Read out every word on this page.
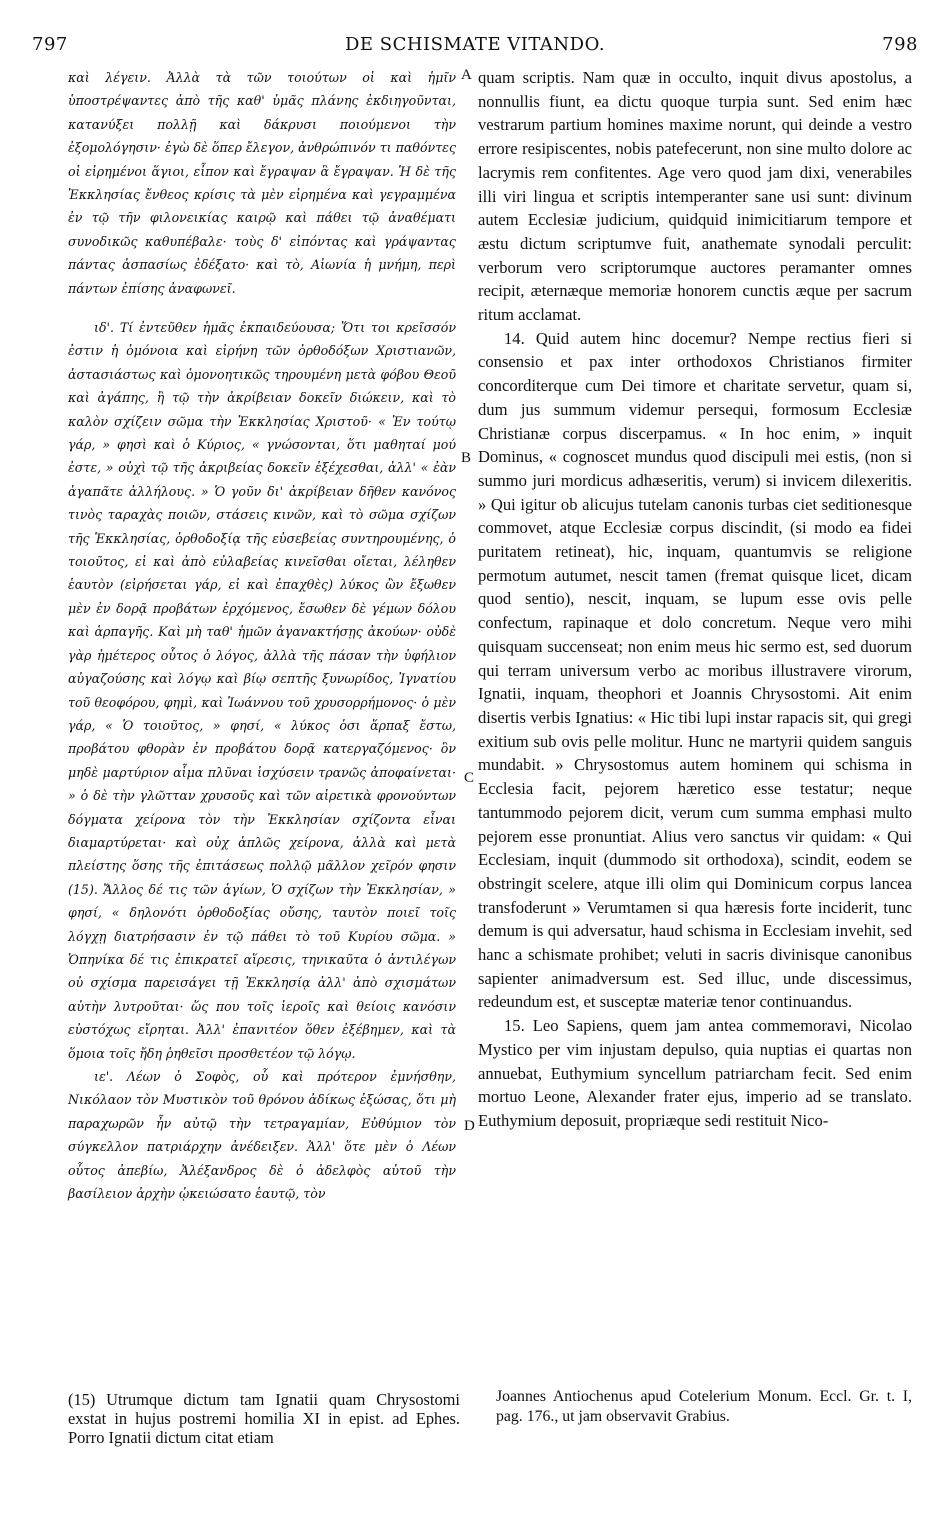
797	DE SCHISMATE VITANDO.	798
A
B
C
D

καὶ λέγειν. Ἀλλὰ τὰ τῶν τοιούτων οἱ καὶ ἡμῖν ὑποστρέψαντες ἀπὸ τῆς καθ' ὑμᾶς πλάνης ἐκδιηγοῦνται, κατανύξει πολλῇ καὶ δάκρυσι ποιούμενοι τὴν ἐξομολόγησιν· ἐγὼ δὲ ὅπερ ἔλεγον, ἀνθρώπινόν τι παθόντες οἱ εἰρημένοι ἅγιοι, εἶπον καὶ ἔγραψαν ἃ ἔγραψαν. Ἡ δὲ τῆς Ἐκκλησίας ἔνθεος κρίσις τὰ μὲν εἰρημένα καὶ γεγραμμένα ἐν τῷ τῆν φιλονεικίας καιρῷ καὶ πάθει τῷ ἀναθέματι συνοδικῶς καθυπέβαλε· τοὺς δ' εἰπόντας καὶ γράψαντας πάντας ἀσπασίως ἐδέξατο· καὶ τὸ, Αἰωνία ἡ μνήμη, περὶ πάντων ἐπίσης ἀναφωνεῖ.

ιδ'. Τί ἐντεῦθεν ἡμᾶς ἐκπαιδεύουσα; Ὅτι τοι κρεῖσσόν ἐστιν ἡ ὁμόνοια καὶ εἰρήνη τῶν ὀρθοδόξων Χριστιανῶν, ἀστασιάστως καὶ ὁμονοητικῶς τηρουμένη μετὰ φόβου Θεοῦ καὶ ἀγάπης, ἢ τῷ τὴν ἀκρίβειαν δοκεῖν διώκειν, καὶ τὸ καλὸν σχίζειν σῶμα τὴν Ἐκκλησίας Χριστοῦ· « Ἐν τούτῳ γάρ, » φησὶ καὶ ὁ Κύριος, « γνώσονται, ὅτι μαθηταί μού ἐστε, » οὐχὶ τῷ τῆς ἀκριβείας δοκεῖν ἐξέχεσθαι, ἀλλ' « ἐὰν ἀγαπᾶτε ἀλλήλους. » Ὁ γοῦν δι' ἀκρίβειαν δῆθεν κανόνος τινὸς ταραχὰς ποιῶν, στάσεις κινῶν, καὶ τὸ σῶμα σχίζων τῆς Ἐκκλησίας, ὀρθοδοξίᾳ τῆς εὐσεβείας συντηρουμένης, ὁ τοιοῦτος, εἰ καὶ ἀπὸ εὐλαβείας κινεῖσθαι οἴεται, λέληθεν ἑαυτὸν (εἰρήσεται γάρ, εἰ καὶ ἐπαχθὲς) λύκος ὢν ἔξωθεν μὲν ἐν δορᾷ προβάτων ἐρχόμενος, ἔσωθεν δὲ γέμων δόλου καὶ ἁρπαγῆς. Καὶ μὴ ταθ' ἡμῶν ἀγανακτήσῃς ἀκούων· οὐδὲ γὰρ ἡμέτερος οὗτος ὁ λόγος, ἀλλὰ τῆς πάσαν τὴν ὑφήλιον αὐγαζούσης καὶ λόγῳ καὶ βίῳ σεπτῆς ξυνωρίδος, Ἰγνατίου τοῦ θεοφόρου, φημὶ, καὶ Ἰωάννου τοῦ χρυσορρήμονος· ὁ μὲν γάρ, « Ὁ τοιοῦτος, » φησί, « λύκος ὁσι ἅρπαξ ἔστω, προβάτου φθορὰν ἐν προβάτου δορᾷ κατεργαζόμενος· ὃν μηδὲ μαρτύριον αἷμα πλῦναι ἰσχύσειν τρανῶς ἀποφαίνεται· » ὁ δὲ τὴν γλῶτταν χρυσοῦς καὶ τῶν αἱρετικὰ φρονούντων δόγματα χείρονα τὸν τὴν Ἐκκλησίαν σχίζοντα εἶναι διαμαρτύρεται· καὶ οὐχ ἁπλῶς χείρονα, ἀλλὰ καὶ μετὰ πλείστης ὅσης τῆς ἐπιτάσεως πολλῷ μᾶλλον χεῖρόν φησιν (15). Ἄλλος δέ τις τῶν ἁγίων, Ὁ σχίζων τὴν Ἐκκλησίαν, » φησί, « δηλονότι ὀρθοδοξίας οὔσης, ταυτὸν ποιεῖ τοῖς λόγχῃ διατρήσασιν ἐν τῷ πάθει τὸ τοῦ Κυρίου σῶμα. » Ὁπηνίκα δέ τις ἐπικρατεῖ αἵρεσις, τηνικαῦτα ὁ ἀντιλέγων οὐ σχίσμα παρεισάγει τῇ Ἐκκλησίᾳ ἀλλ' ἀπὸ σχισμάτων αὐτὴν λυτροῦται· ὥς που τοῖς ἱεροῖς καὶ θείοις κανόσιν εὐστόχως εἴρηται. Ἀλλ' ἐπανιτέον ὅθεν ἐξέβημεν, καὶ τὰ ὅμοια τοῖς ἤδη ῥηθεῖσι προσθετέον τῷ λόγῳ.

ιε'. Λέων ὁ Σοφὸς, οὗ καὶ πρότερον ἐμνήσθην, Νικόλαον τὸν Μυστικὸν τοῦ θρόνου ἀδίκως ἐξώσας, ὅτι μὴ παραχωρῶν ἦν αὐτῷ τὴν τετραγαμίαν, Εὐθύμιον τὸν σύγκελλον πατριάρχην ἀνέδειξεν. Ἀλλ' ὅτε μὲν ὁ Λέων οὗτος ἀπεβίω, Ἀλέξανδρος δὲ ὁ ἀδελφὸς αὐτοῦ τὴν βασίλειον ἀρχὴν ᾠκειώσατο ἑαυτῷ, τὸν

quam scriptis. Nam quæ in occulto, inquit divus apostolus, a nonnullis fiunt, ea dictu quoque turpia sunt. Sed enim hæc vestrarum partium homines maxime norunt, qui deinde a vestro errore resipiscentes, nobis patefecerunt, non sine multo dolore ac lacrymis rem confitentes. Age vero quod jam dixi, venerabiles illi viri lingua et scriptis intemperanter sane usi sunt: divinum autem Ecclesiæ judicium, quidquid inimicitiarum tempore et æstu dictum scriptumve fuit, anathemate synodali perculit: verborum vero scriptorumque auctores peramanter omnes recipit, æternæque memoriæ honorem cunctis æque per sacrum ritum acclamat.

14. Quid autem hinc docemur? Nempe rectius fieri si consensio et pax inter orthodoxos Christianos firmiter concorditerque cum Dei timore et charitate servetur, quam si, dum jus summum videmur persequi, formosum Ecclesiæ Christianæ corpus discerpamus. « In hoc enim, » inquit Dominus, « cognoscet mundus quod discipuli mei estis, (non si summo juri mordicus adhæseritis, verum) si invicem dilexeritis. » Qui igitur ob alicujus tutelam canonis turbas ciet seditionesque commovet, atque Ecclesiæ corpus discindit, (si modo ea fidei puritatem retineat), hic, inquam, quantumvis se religione permotum autumet, nescit tamen (fremat quisque licet, dicam quod sentio), nescit, inquam, se lupum esse ovis pelle confectum, rapinaque et dolo concretum. Neque vero mihi quisquam succenseat; non enim meus hic sermo est, sed duorum qui terram universum verbo ac moribus illustravere virorum, Ignatii, inquam, theophori et Joannis Chrysostomi. Ait enim disertis verbis Ignatius: « Hic tibi lupi instar rapacis sit, qui gregi exitium sub ovis pelle molitur. Hunc ne martyrii quidem sanguis mundabit. » Chrysostomus autem hominem qui schisma in Ecclesia facit, pejorem hæretico esse testatur; neque tantummodo pejorem dicit, verum cum summa emphasi multo pejorem esse pronuntiat. Alius vero sanctus vir quidam: « Qui Ecclesiam, inquit (dummodo sit orthodoxa), scindit, eodem se obstringit scelere, atque illi olim qui Dominicum corpus lancea transfoderunt » Verumtamen si qua hæresis forte inciderit, tunc demum is qui adversatur, haud schisma in Ecclesiam invehit, sed hanc a schismate prohibet; veluti in sacris divinisque canonibus sapienter animadversum est. Sed illuc, unde discessimus, redeundum est, et susceptæ materiæ tenor continuandus.

15. Leo Sapiens, quem jam antea commemoravi, Nicolao Mystico per vim injustam depulso, quia nuptias ei quartas non annuebat, Euthymium syncellum patriarcham fecit. Sed enim mortuo Leone, Alexander frater ejus, imperio ad se translato. Euthymium deposuit, propriæque sedi restituit Nico-

(15) Utrumque dictum tam Ignatii quam Chrysostomi exstat in hujus postremi homilia XI in epist. ad Ephes. Porro Ignatii dictum citat etiam
Joannes Antiochenus apud Cotelerium Monum. Eccl. Gr. t. I, pag. 176., ut jam observavit Grabius.
